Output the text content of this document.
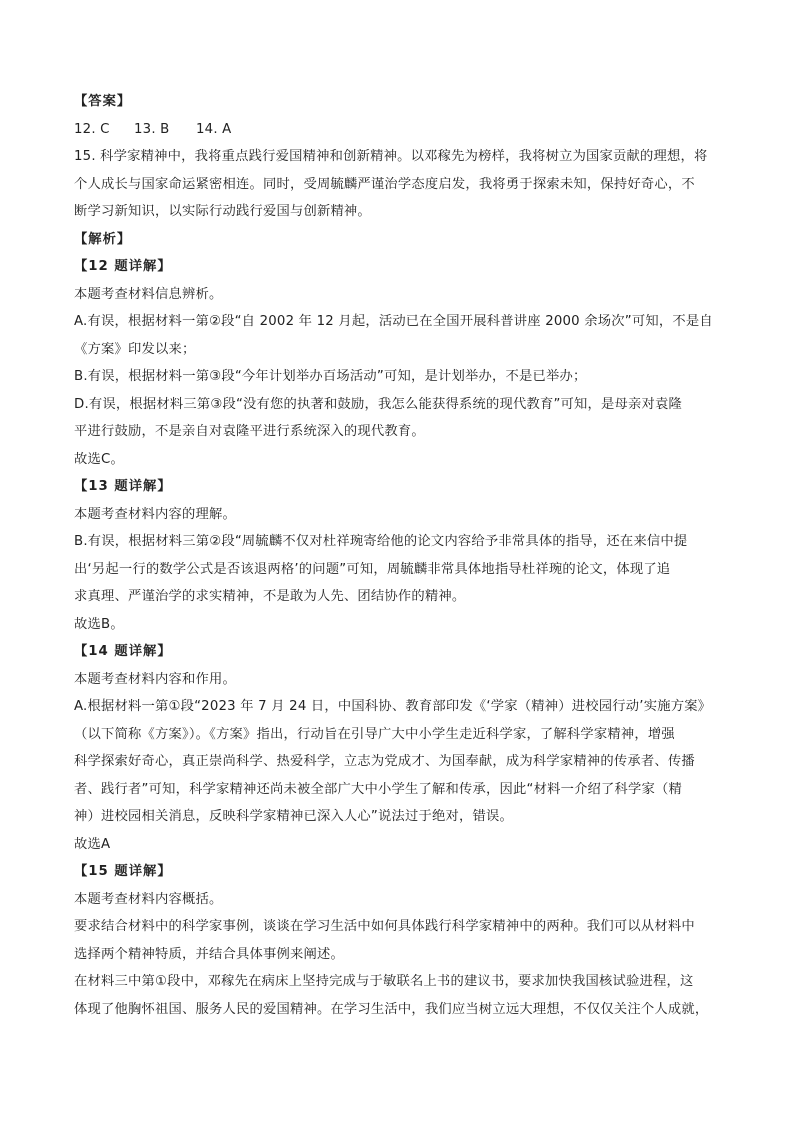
【答案】
12. C 13. B 14. A
15. 科学家精神中，我将重点践行爱国精神和创新精神。以邓稼先为榜样，我将树立为国家贡献的理想，将
个人成长与国家命运紧密相连。同时，受周毓麟严谨治学态度启发，我将勇于探索未知，保持好奇心，不
断学习新知识，以实际行动践行爱国与创新精神。
【解析】
【12 题详解】
本题考查材料信息辨析。
A.有误，根据材料一第②段“自 2002 年 12 月起，活动已在全国开展科普讲座 2000 余场次”可知，不是自
《方案》印发以来；
B.有误，根据材料一第③段“今年计划举办百场活动”可知，是计划举办，不是已举办；
D.有误，根据材料三第③段“没有您的执著和鼓励，我怎么能获得系统的现代教育”可知，是母亲对袁隆
平进行鼓励，不是亲自对袁隆平进行系统深入的现代教育。
故选C。
【13 题详解】
本题考查材料内容的理解。
B.有误，根据材料三第②段“周毓麟不仅对杜祥琬寄给他的论文内容给予非常具体的指导，还在来信中提
出‘另起一行的数学公式是否该退两格’的问题”可知，周毓麟非常具体地指导杜祥琬的论文，体现了追
求真理、严谨治学的求实精神，不是敢为人先、团结协作的精神。
故选B。
【14 题详解】
本题考查材料内容和作用。
A.根据材料一第①段“2023 年 7 月 24 日，中国科协、教育部印发《‘学家（精神）进校园行动’实施方案》
（以下简称《方案》）。《方案》指出，行动旨在引导广大中小学生走近科学家，了解科学家精神，增强
科学探索好奇心，真正崇尚科学、热爱科学，立志为党成才、为国奉献，成为科学家精神的传承者、传播
者、践行者”可知，科学家精神还尚未被全部广大中小学生了解和传承，因此“材料一介绍了科学家（精
神）进校园相关消息，反映科学家精神已深入人心”说法过于绝对，错误。
故选A
【15 题详解】
本题考查材料内容概括。
要求结合材料中的科学家事例，谈谈在学习生活中如何具体践行科学家精神中的两种。我们可以从材料中
选择两个精神特质，并结合具体事例来阐述。
在材料三中第①段中，邓稼先在病床上坚持完成与于敏联名上书的建议书，要求加快我国核试验进程，这
体现了他胸怀祖国、服务人民的爱国精神。在学习生活中，我们应当树立远大理想，不仅仅关注个人成就，
